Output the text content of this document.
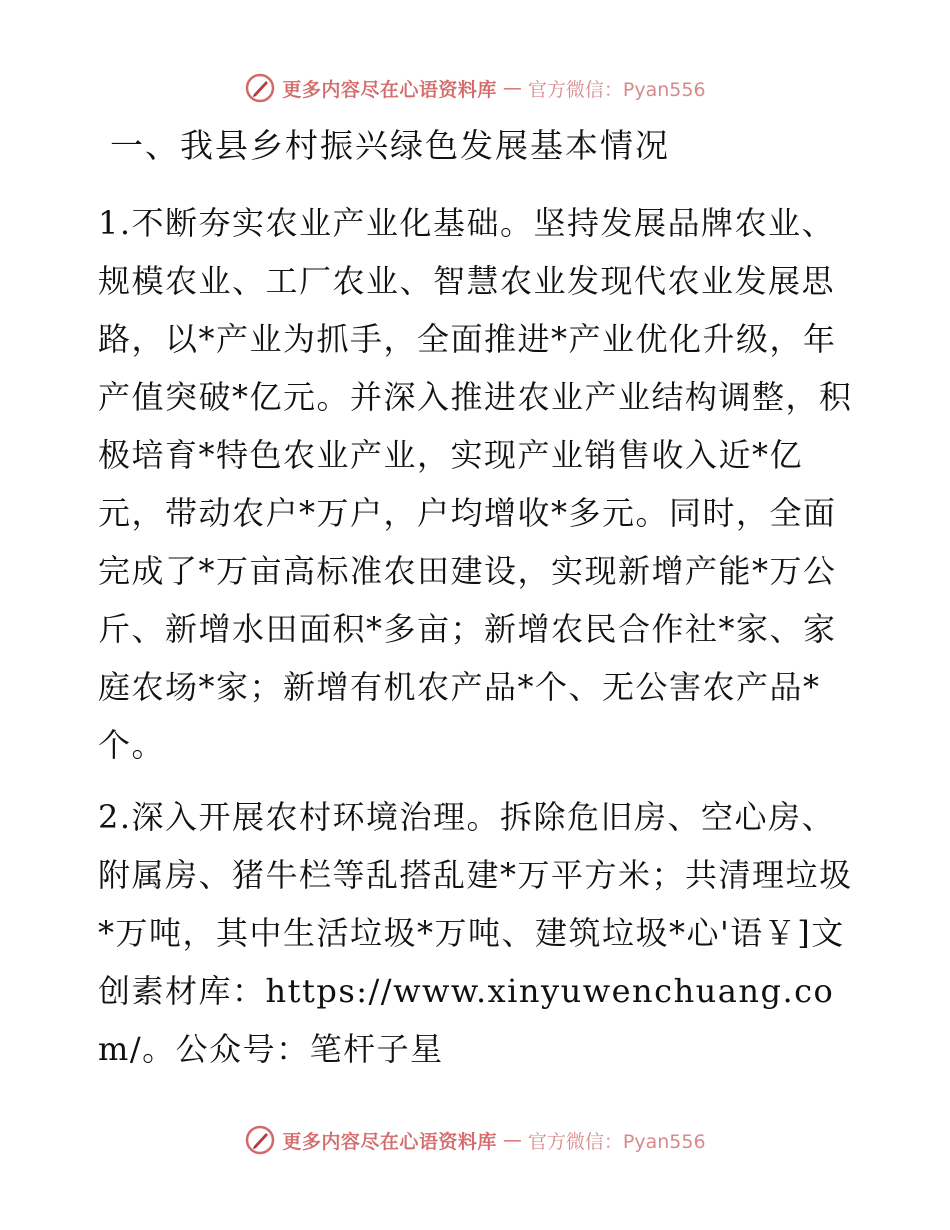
更多内容尽在心语资料库 — 官方微信：Pyan556
一、我县乡村振兴绿色发展基本情况

1.不断夯实农业产业化基础。坚持发展品牌农业、规模农业、工厂农业、智慧农业发现代农业发展思路，以*产业为抓手，全面推进*产业优化升级，年产值突破*亿元。并深入推进农业产业结构调整，积极培育*特色农业产业，实现产业销售收入近*亿元，带动农户*万户，户均增收*多元。同时，全面完成了*万亩高标准农田建设，实现新增产能*万公斤、新增水田面积*多亩；新增农民合作社*家、家庭农场*家；新增有机农产品*个、无公害农产品*个。

2.深入开展农村环境治理。拆除危旧房、空心房、附属房、猪牛栏等乱搭乱建*万平方米；共清理垃圾*万吨，其中生活垃圾*万吨、建筑垃圾*心'语￥]文创素材库：https://www.xinyuwenchuang.com/。公众号：笔杆子星

更多内容尽在心语资料库 — 官方微信：Pyan556
